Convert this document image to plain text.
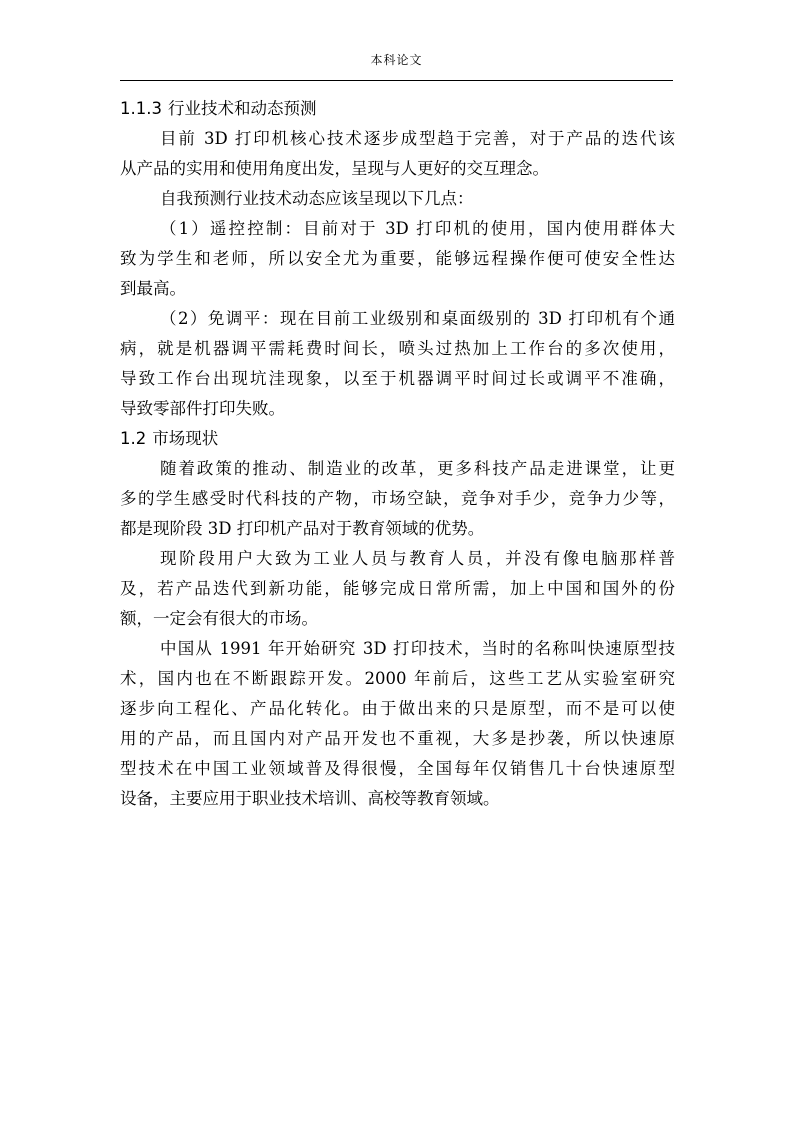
本科论文
1.1.3 行业技术和动态预测
目前 3D 打印机核心技术逐步成型趋于完善，对于产品的迭代该
从产品的实用和使用角度出发，呈现与人更好的交互理念。
自我预测行业技术动态应该呈现以下几点：
（1）遥控控制：目前对于 3D 打印机的使用，国内使用群体大
致为学生和老师，所以安全尤为重要，能够远程操作便可使安全性达
到最高。
（2）免调平：现在目前工业级别和桌面级别的 3D 打印机有个通
病，就是机器调平需耗费时间长，喷头过热加上工作台的多次使用，
导致工作台出现坑洼现象，以至于机器调平时间过长或调平不准确，
导致零部件打印失败。
1.2 市场现状
随着政策的推动、制造业的改革，更多科技产品走进课堂，让更
多的学生感受时代科技的产物，市场空缺，竞争对手少，竞争力少等，
都是现阶段 3D 打印机产品对于教育领域的优势。
现阶段用户大致为工业人员与教育人员，并没有像电脑那样普
及，若产品迭代到新功能，能够完成日常所需，加上中国和国外的份
额，一定会有很大的市场。
中国从 1991 年开始研究 3D 打印技术，当时的名称叫快速原型技
术，国内也在不断跟踪开发。2000 年前后，这些工艺从实验室研究
逐步向工程化、产品化转化。由于做出来的只是原型，而不是可以使
用的产品，而且国内对产品开发也不重视，大多是抄袭，所以快速原
型技术在中国工业领域普及得很慢，全国每年仅销售几十台快速原型
设备，主要应用于职业技术培训、高校等教育领域。
